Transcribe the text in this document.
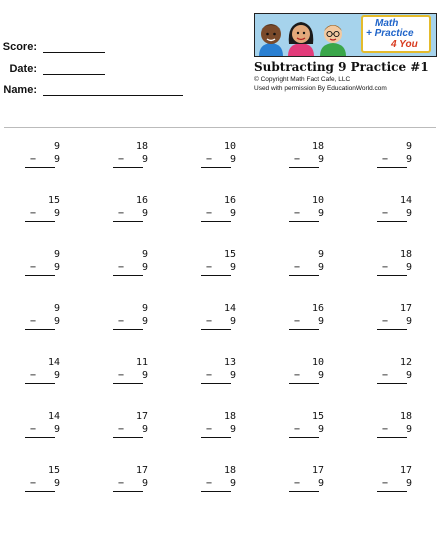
Score:
Date:
Name:
Math
+ Practice
4 You
Subtracting 9 Practice #1
© Copyright Math Fact Cafe, LLC
Used with permission By EducationWorld.com
9
− 9
18
− 9
10
− 9
18
− 9
9
− 9
15
− 9
16
− 9
16
− 9
10
− 9
14
− 9
9
− 9
9
− 9
15
− 9
9
− 9
18
− 9
9
− 9
9
− 9
14
− 9
16
− 9
17
− 9
14
− 9
11
− 9
13
− 9
10
− 9
12
− 9
14
− 9
17
− 9
18
− 9
15
− 9
18
− 9
15
− 9
17
− 9
18
− 9
17
− 9
17
− 9
